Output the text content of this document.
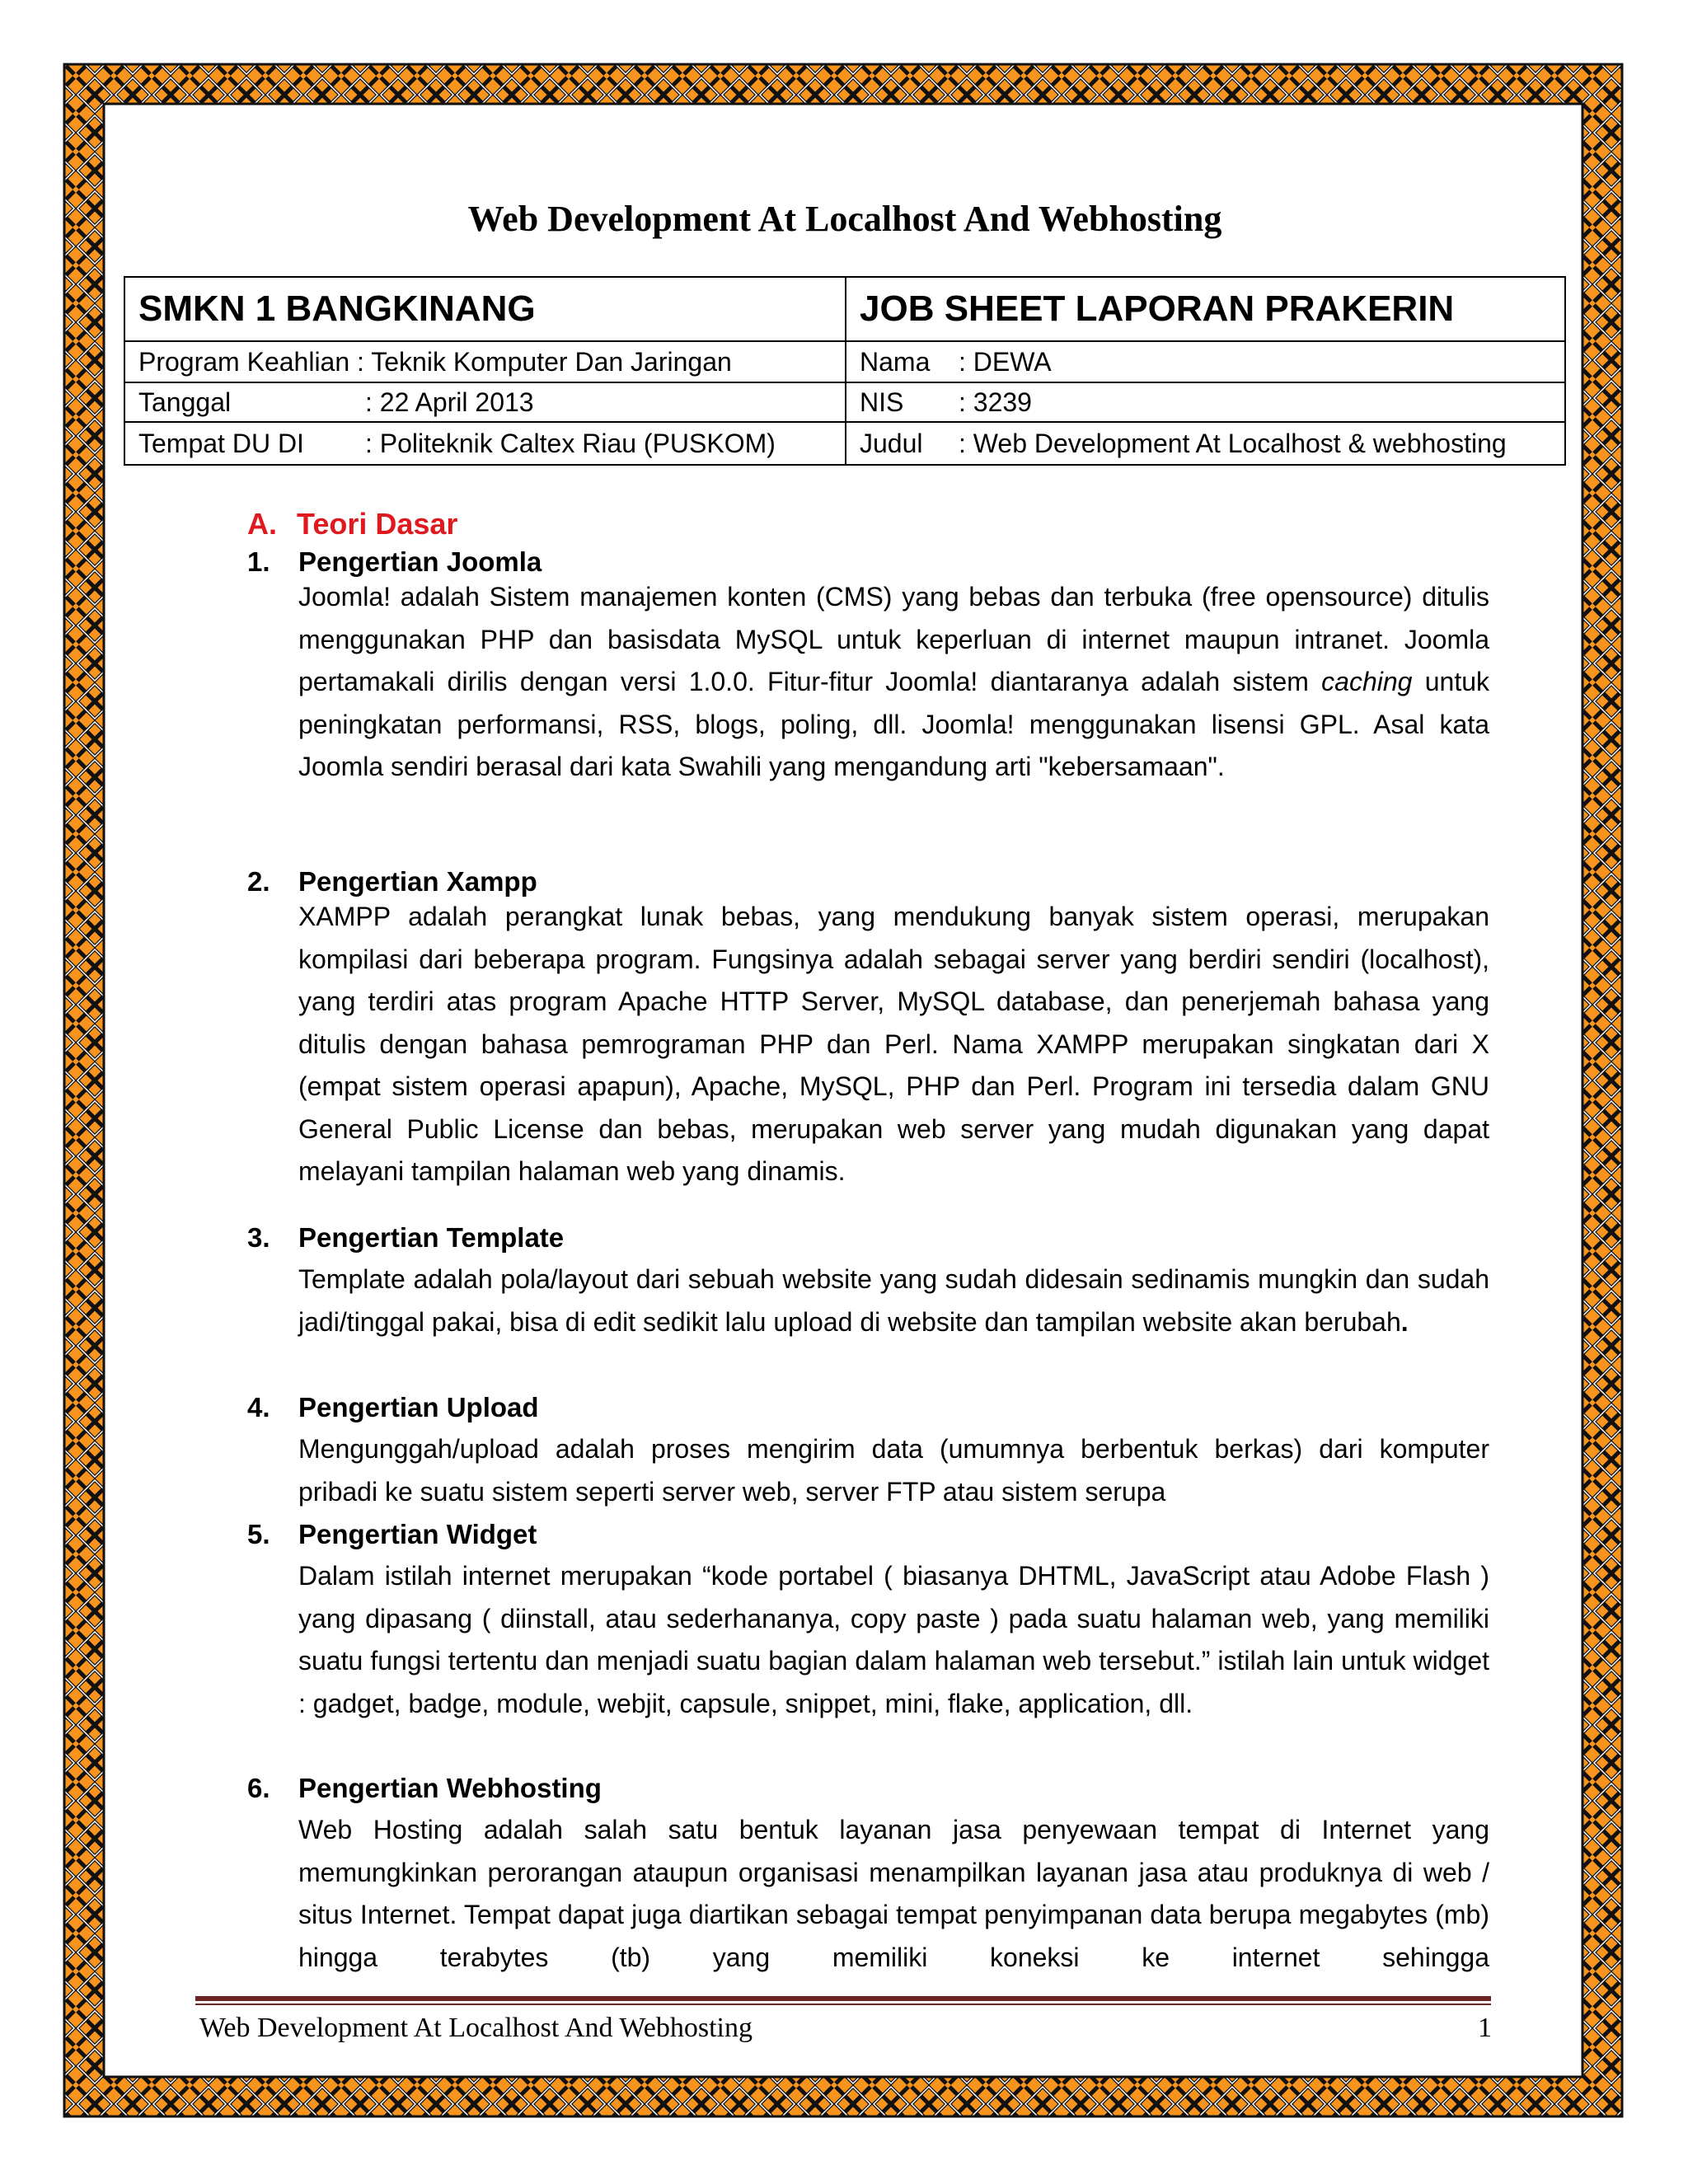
Web Development At Localhost And Webhosting
SMKN 1 BANGKINANG	JOB SHEET LAPORAN PRAKERIN
Program Keahlian : Teknik Komputer Dan Jaringan	Nama : DEWA
Tanggal : 22 April 2013	NIS : 3239
Tempat DU DI : Politeknik Caltex Riau (PUSKOM)	Judul : Web Development At Localhost & webhosting
A. Teori Dasar
1. Pengertian Joomla
Joomla! adalah Sistem manajemen konten (CMS) yang bebas dan terbuka (free opensource) ditulis menggunakan PHP dan basisdata MySQL untuk keperluan di internet maupun intranet. Joomla pertamakali dirilis dengan versi 1.0.0. Fitur-fitur Joomla! diantaranya adalah sistem caching untuk peningkatan performansi, RSS, blogs, poling, dll. Joomla! menggunakan lisensi GPL. Asal kata Joomla sendiri berasal dari kata Swahili yang mengandung arti "kebersamaan".
2. Pengertian Xampp
XAMPP adalah perangkat lunak bebas, yang mendukung banyak sistem operasi, merupakan kompilasi dari beberapa program. Fungsinya adalah sebagai server yang berdiri sendiri (localhost), yang terdiri atas program Apache HTTP Server, MySQL database, dan penerjemah bahasa yang ditulis dengan bahasa pemrograman PHP dan Perl. Nama XAMPP merupakan singkatan dari X (empat sistem operasi apapun), Apache, MySQL, PHP dan Perl. Program ini tersedia dalam GNU General Public License dan bebas, merupakan web server yang mudah digunakan yang dapat melayani tampilan halaman web yang dinamis.
3. Pengertian Template
Template adalah pola/layout dari sebuah website yang sudah didesain sedinamis mungkin dan sudah jadi/tinggal pakai, bisa di edit sedikit lalu upload di website dan tampilan website akan berubah.
4. Pengertian Upload
Mengunggah/upload adalah proses mengirim data (umumnya berbentuk berkas) dari komputer pribadi ke suatu sistem seperti server web, server FTP atau sistem serupa
5. Pengertian Widget
Dalam istilah internet merupakan “kode portabel ( biasanya DHTML, JavaScript atau Adobe Flash ) yang dipasang ( diinstall, atau sederhananya, copy paste ) pada suatu halaman web, yang memiliki suatu fungsi tertentu dan menjadi suatu bagian dalam halaman web tersebut.” istilah lain untuk widget : gadget, badge, module, webjit, capsule, snippet, mini, flake, application, dll.
6. Pengertian Webhosting
Web Hosting adalah salah satu bentuk layanan jasa penyewaan tempat di Internet yang memungkinkan perorangan ataupun organisasi menampilkan layanan jasa atau produknya di web / situs Internet. Tempat dapat juga diartikan sebagai tempat penyimpanan data berupa megabytes (mb) hingga terabytes (tb) yang memiliki koneksi ke internet sehingga
Web Development At Localhost And Webhosting	1
